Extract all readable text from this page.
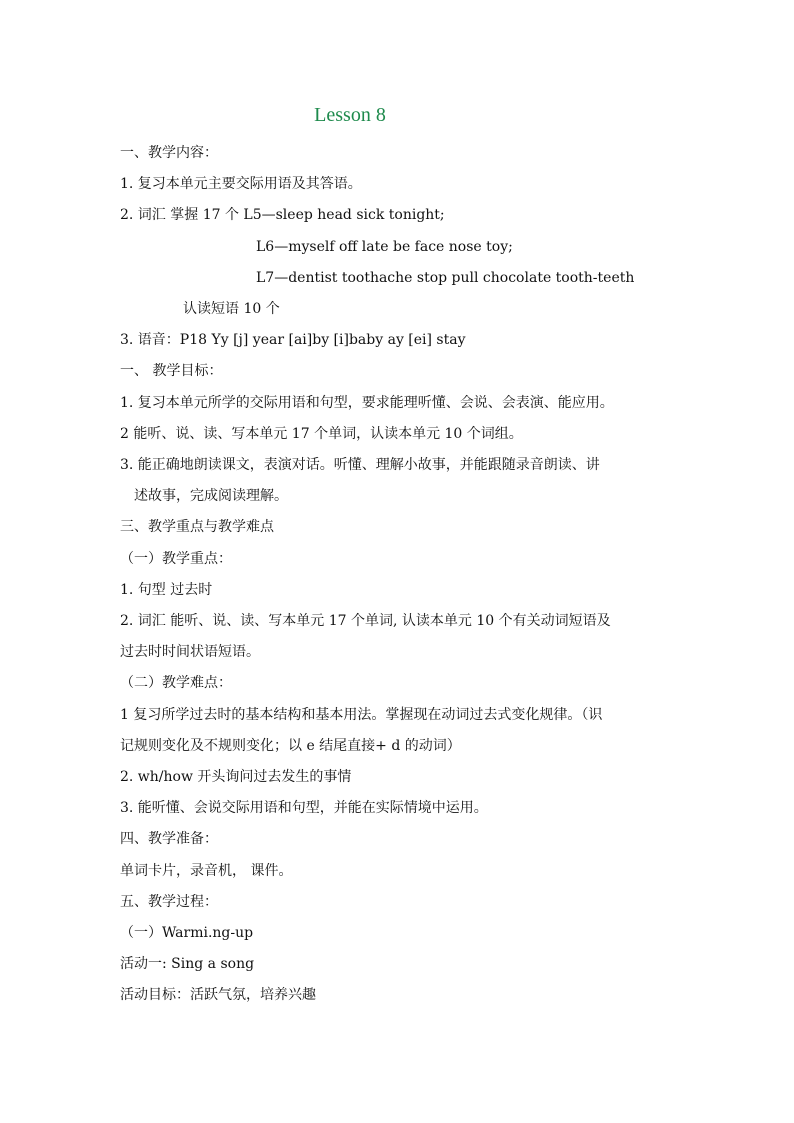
Lesson 8
一、教学内容：
1. 复习本单元主要交际用语及其答语。
2. 词汇 掌握 17 个 L5—sleep head sick tonight;
L6—myself off late be face nose toy;
L7—dentist toothache stop pull chocolate tooth-teeth
认读短语 10 个
3. 语音：P18 Yy [j] year [ai]by [i]baby ay [ei] stay
一、 教学目标：
1. 复习本单元所学的交际用语和句型，要求能理听懂、会说、会表演、能应用。
2 能听、说、读、写本单元 17 个单词，认读本单元 10 个词组。
3. 能正确地朗读课文，表演对话。听懂、理解小故事，并能跟随录音朗读、讲
述故事，完成阅读理解。
三、教学重点与教学难点
（一）教学重点：
1. 句型 过去时
2. 词汇 能听、说、读、写本单元 17 个单词, 认读本单元 10 个有关动词短语及
过去时时间状语短语。
（二）教学难点：
1 复习所学过去时的基本结构和基本用法。掌握现在动词过去式变化规律。（识
记规则变化及不规则变化；以 e 结尾直接+ d 的动词）
2. wh/how 开头询问过去发生的事情
3. 能听懂、会说交际用语和句型，并能在实际情境中运用。
四、教学准备：
单词卡片，录音机， 课件。
五、教学过程：
（一）Warmi.ng-up
活动一: Sing a song
活动目标：活跃气氛，培养兴趣
